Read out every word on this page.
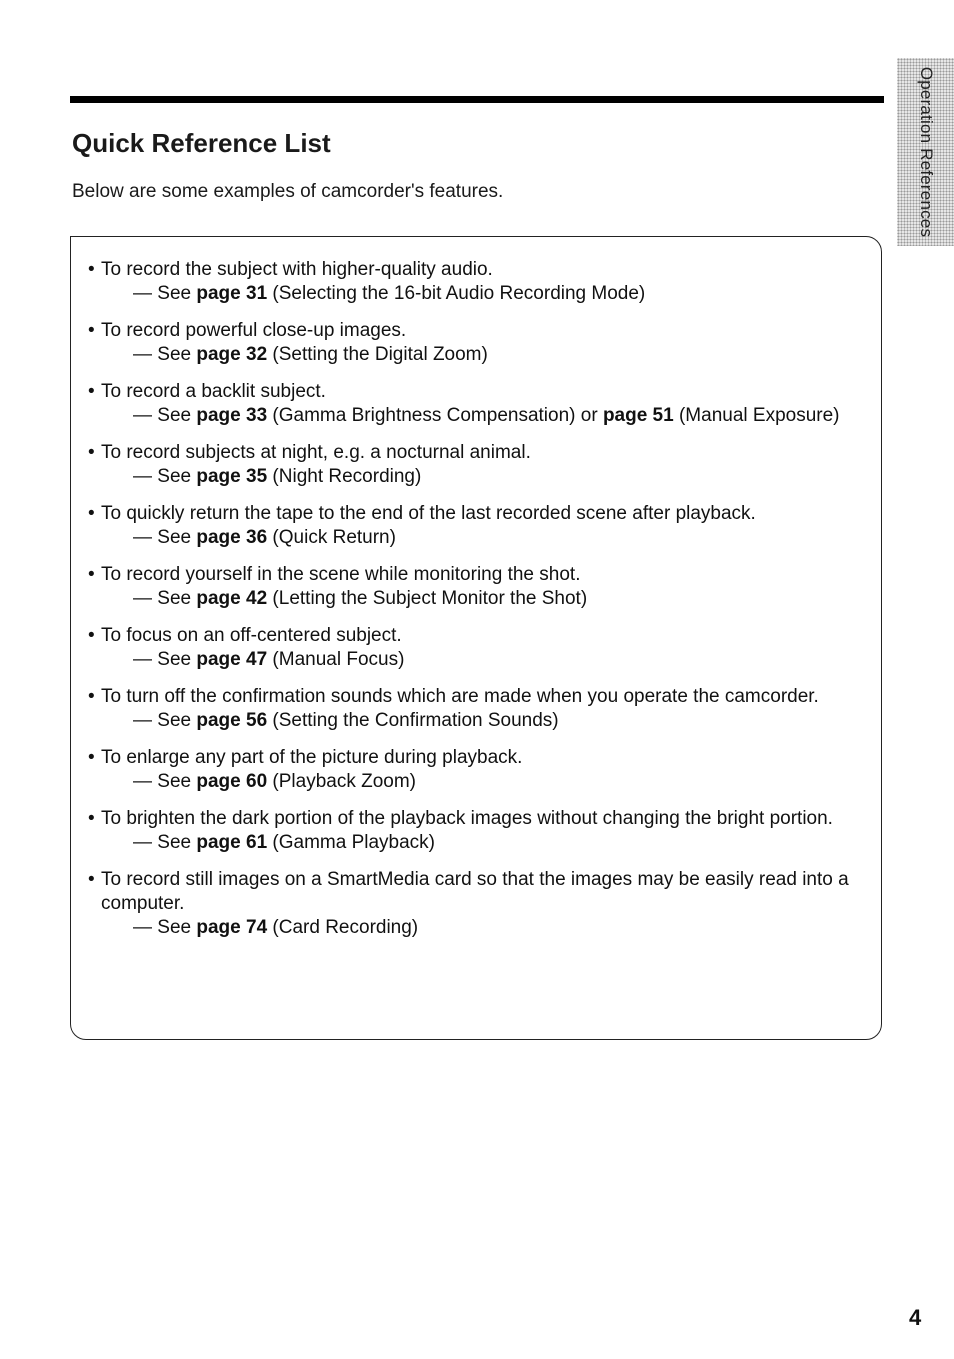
Operation References
Quick Reference List

Below are some examples of camcorder's features.

• To record the subject with higher-quality audio.
— See page 31 (Selecting the 16-bit Audio Recording Mode)
• To record powerful close-up images.
— See page 32 (Setting the Digital Zoom)
• To record a backlit subject.
— See page 33 (Gamma Brightness Compensation) or page 51 (Manual Exposure)
• To record subjects at night, e.g. a nocturnal animal.
— See page 35 (Night Recording)
• To quickly return the tape to the end of the last recorded scene after playback.
— See page 36 (Quick Return)
• To record yourself in the scene while monitoring the shot.
— See page 42 (Letting the Subject Monitor the Shot)
• To focus on an off-centered subject.
— See page 47 (Manual Focus)
• To turn off the confirmation sounds which are made when you operate the camcorder.
— See page 56 (Setting the Confirmation Sounds)
• To enlarge any part of the picture during playback.
— See page 60 (Playback Zoom)
• To brighten the dark portion of the playback images without changing the bright portion.
— See page 61 (Gamma Playback)
• To record still images on a SmartMedia card so that the images may be easily read into a computer.
— See page 74 (Card Recording)

4
